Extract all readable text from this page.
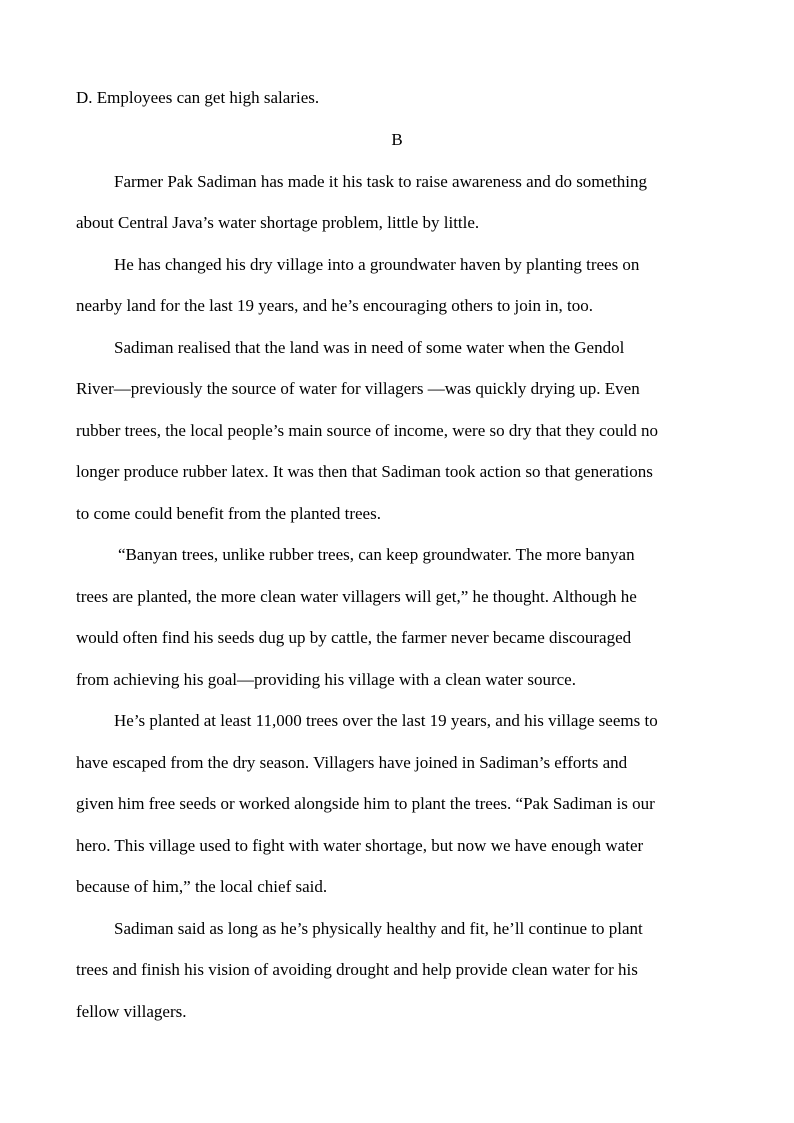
D. Employees can get high salaries.
B
Farmer Pak Sadiman has made it his task to raise awareness and do something
about Central Java’s water shortage problem, little by little.
He has changed his dry village into a groundwater haven by planting trees on
nearby land for the last 19 years, and he’s encouraging others to join in, too.
Sadiman realised that the land was in need of some water when the Gendol
River—previously the source of water for villagers —was quickly drying up. Even
rubber trees, the local people’s main source of income, were so dry that they could no
longer produce rubber latex. It was then that Sadiman took action so that generations
to come could benefit from the planted trees.
“Banyan trees, unlike rubber trees, can keep groundwater. The more banyan
trees are planted, the more clean water villagers will get,” he thought. Although he
would often find his seeds dug up by cattle, the farmer never became discouraged
from achieving his goal—providing his village with a clean water source.
He’s planted at least 11,000 trees over the last 19 years, and his village seems to
have escaped from the dry season. Villagers have joined in Sadiman’s efforts and
given him free seeds or worked alongside him to plant the trees. “Pak Sadiman is our
hero. This village used to fight with water shortage, but now we have enough water
because of him,” the local chief said.
Sadiman said as long as he’s physically healthy and fit, he’ll continue to plant
trees and finish his vision of avoiding drought and help provide clean water for his
fellow villagers.
